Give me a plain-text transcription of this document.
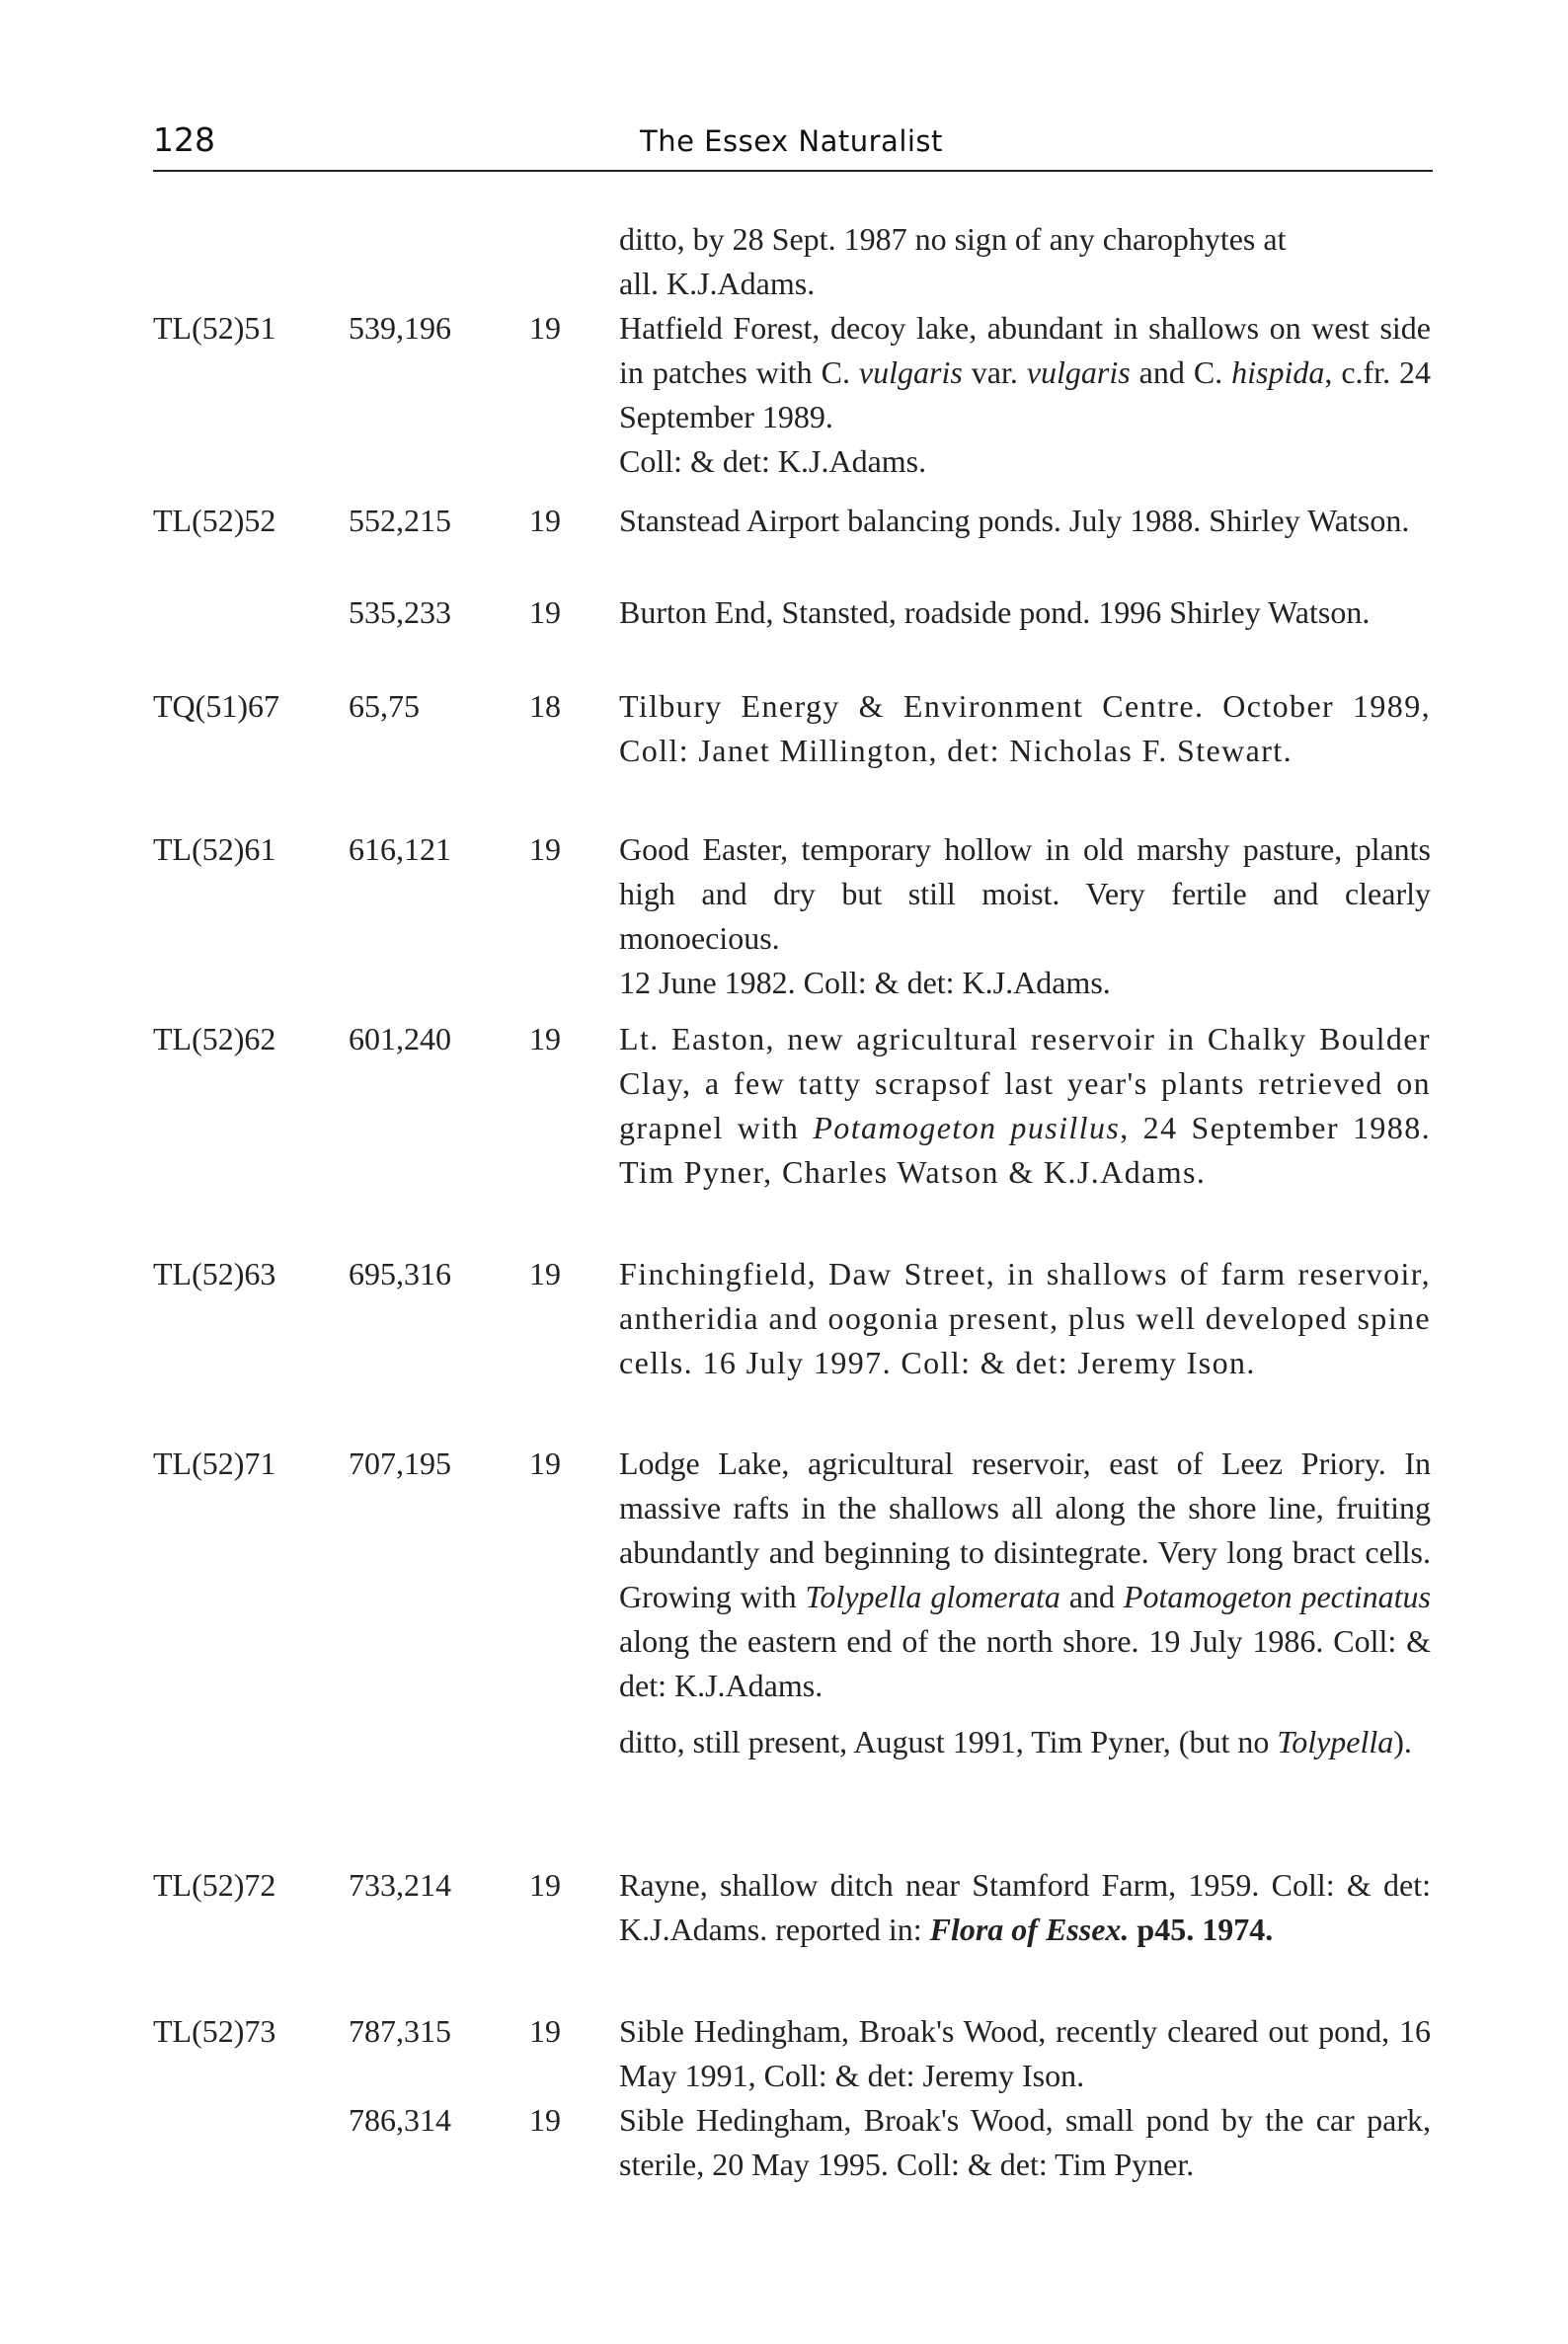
128	The Essex Naturalist

ditto, by 28 Sept. 1987 no sign of any charophytes at

all. K.J.Adams.

TL(52)51 539,196 19 Hatfield Forest, decoy lake, abundant in shallows on west side in patches with C. vulgaris var. vulgaris and C. hispida, c.fr. 24 September 1989.

Coll: & det: K.J.Adams.

TL(52)52 552,215 19 Stanstead Airport balancing ponds. July 1988. Shirley Watson.
535,233 19 Burton End, Stansted, roadside pond. 1996 Shirley Watson.
TQ(51)67 65,75	18 Tilbury Energy & Environment Centre. October 1989, Coll: Janet Millington, det: Nicholas F. Stewart.
TL(52)61 616,121 19 Good Easter, temporary hollow in old marshy pasture, plants high and dry but still moist. Very fertile and clearly monoecious.

12 June 1982. Coll: & det: K.J.Adams.

TL(52)62 601,240 19 Lt. Easton, new agricultural reservoir in Chalky Boulder Clay, a few tatty scrapsof last year's plants retrieved on grapnel with Potamogeton pusillus, 24 September 1988. Tim Pyner, Charles Watson & K.J.Adams.
TL(52)63 695,316 19 Finchingfield, Daw Street, in shallows of farm reservoir, antheridia and oogonia present, plus well developed spine cells. 16 July 1997. Coll: & det: Jeremy Ison.
TL(52)71 707,195 19 Lodge Lake, agricultural reservoir, east of Leez Priory. In massive rafts in the shallows all along the shore line, fruiting abundantly and beginning to disintegrate. Very long bract cells. Growing with Tolypella glomerata and Potamogeton pectinatus along the eastern end of the north shore. 19 July 1986. Coll: & det: K.J.Adams.

ditto, still present, August 1991, Tim Pyner, (but no Tolypella).

TL(52)72 733,214 19 Rayne, shallow ditch near Stamford Farm, 1959. Coll: & det: K.J.Adams. reported in: Flora of Essex. p45. 1974.
TL(52)73 787,315 19 Sible Hedingham, Broak's Wood, recently cleared out pond, 16 May 1991, Coll: & det: Jeremy Ison.
786,314 19 Sible Hedingham, Broak's Wood, small pond by the car park, sterile, 20 May 1995. Coll: & det: Tim Pyner.
